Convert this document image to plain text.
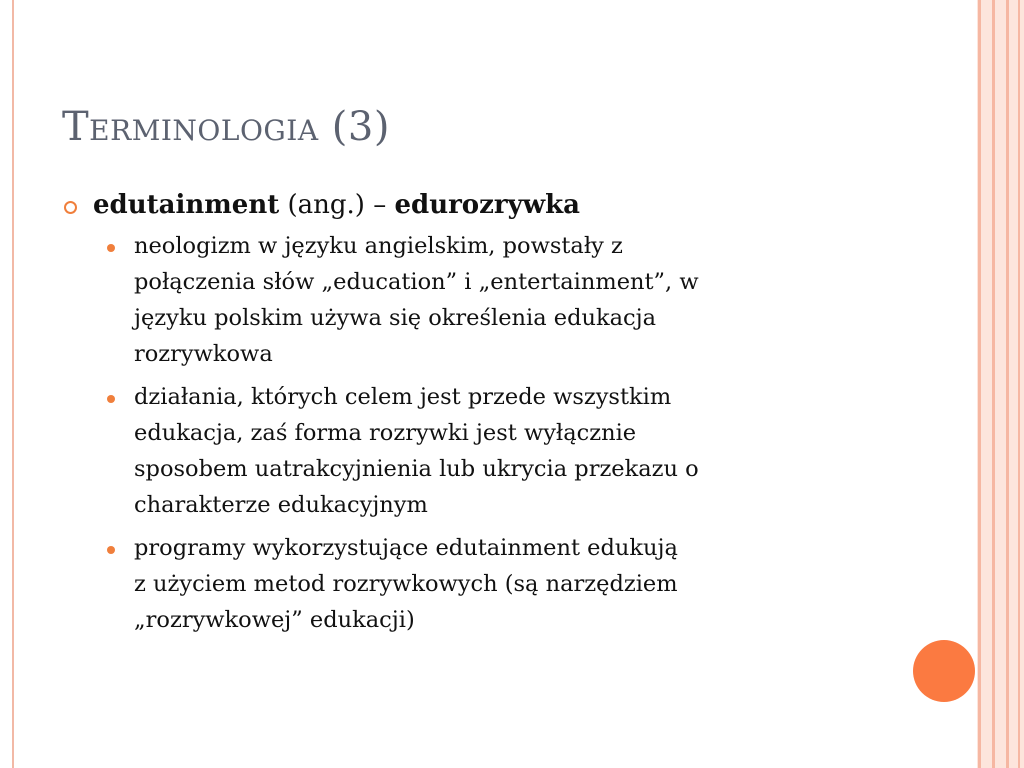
Terminologia (3)
edutainment (ang.) – edurozrywka
neologizm w języku angielskim, powstały z
połączenia słów „education” i „entertainment”, w
języku polskim używa się określenia edukacja
rozrywkowa
działania, których celem jest przede wszystkim
edukacja, zaś forma rozrywki jest wyłącznie
sposobem uatrakcyjnienia lub ukrycia przekazu o
charakterze edukacyjnym
programy wykorzystujące edutainment edukują
z użyciem metod rozrywkowych (są narzędziem
„rozrywkowej” edukacji)
